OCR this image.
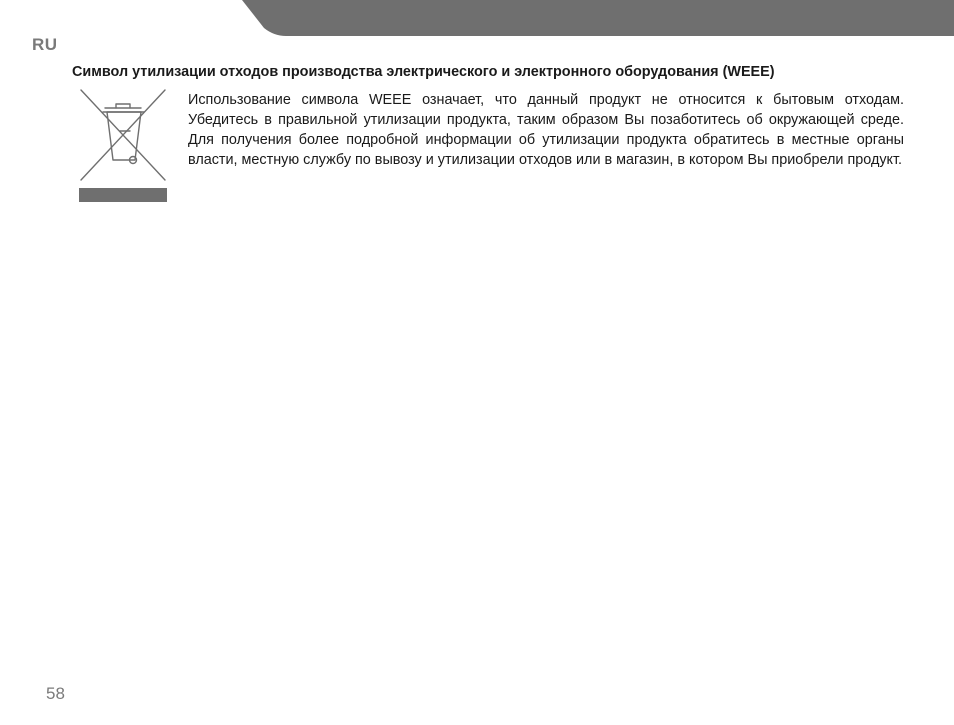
RU
Символ утилизации отходов производства электрического и электронного оборудования (WEEE)
Использование символа WEEE означает, что данный продукт не относится к бытовым отходам. Убедитесь в правильной утилизации продукта, таким образом Вы позаботитесь об окружающей среде. Для получения более подробной информации об утилизации продукта обратитесь в местные органы власти, местную службу по вывозу и утилизации отходов или в магазин, в котором Вы приобрели продукт.
58
